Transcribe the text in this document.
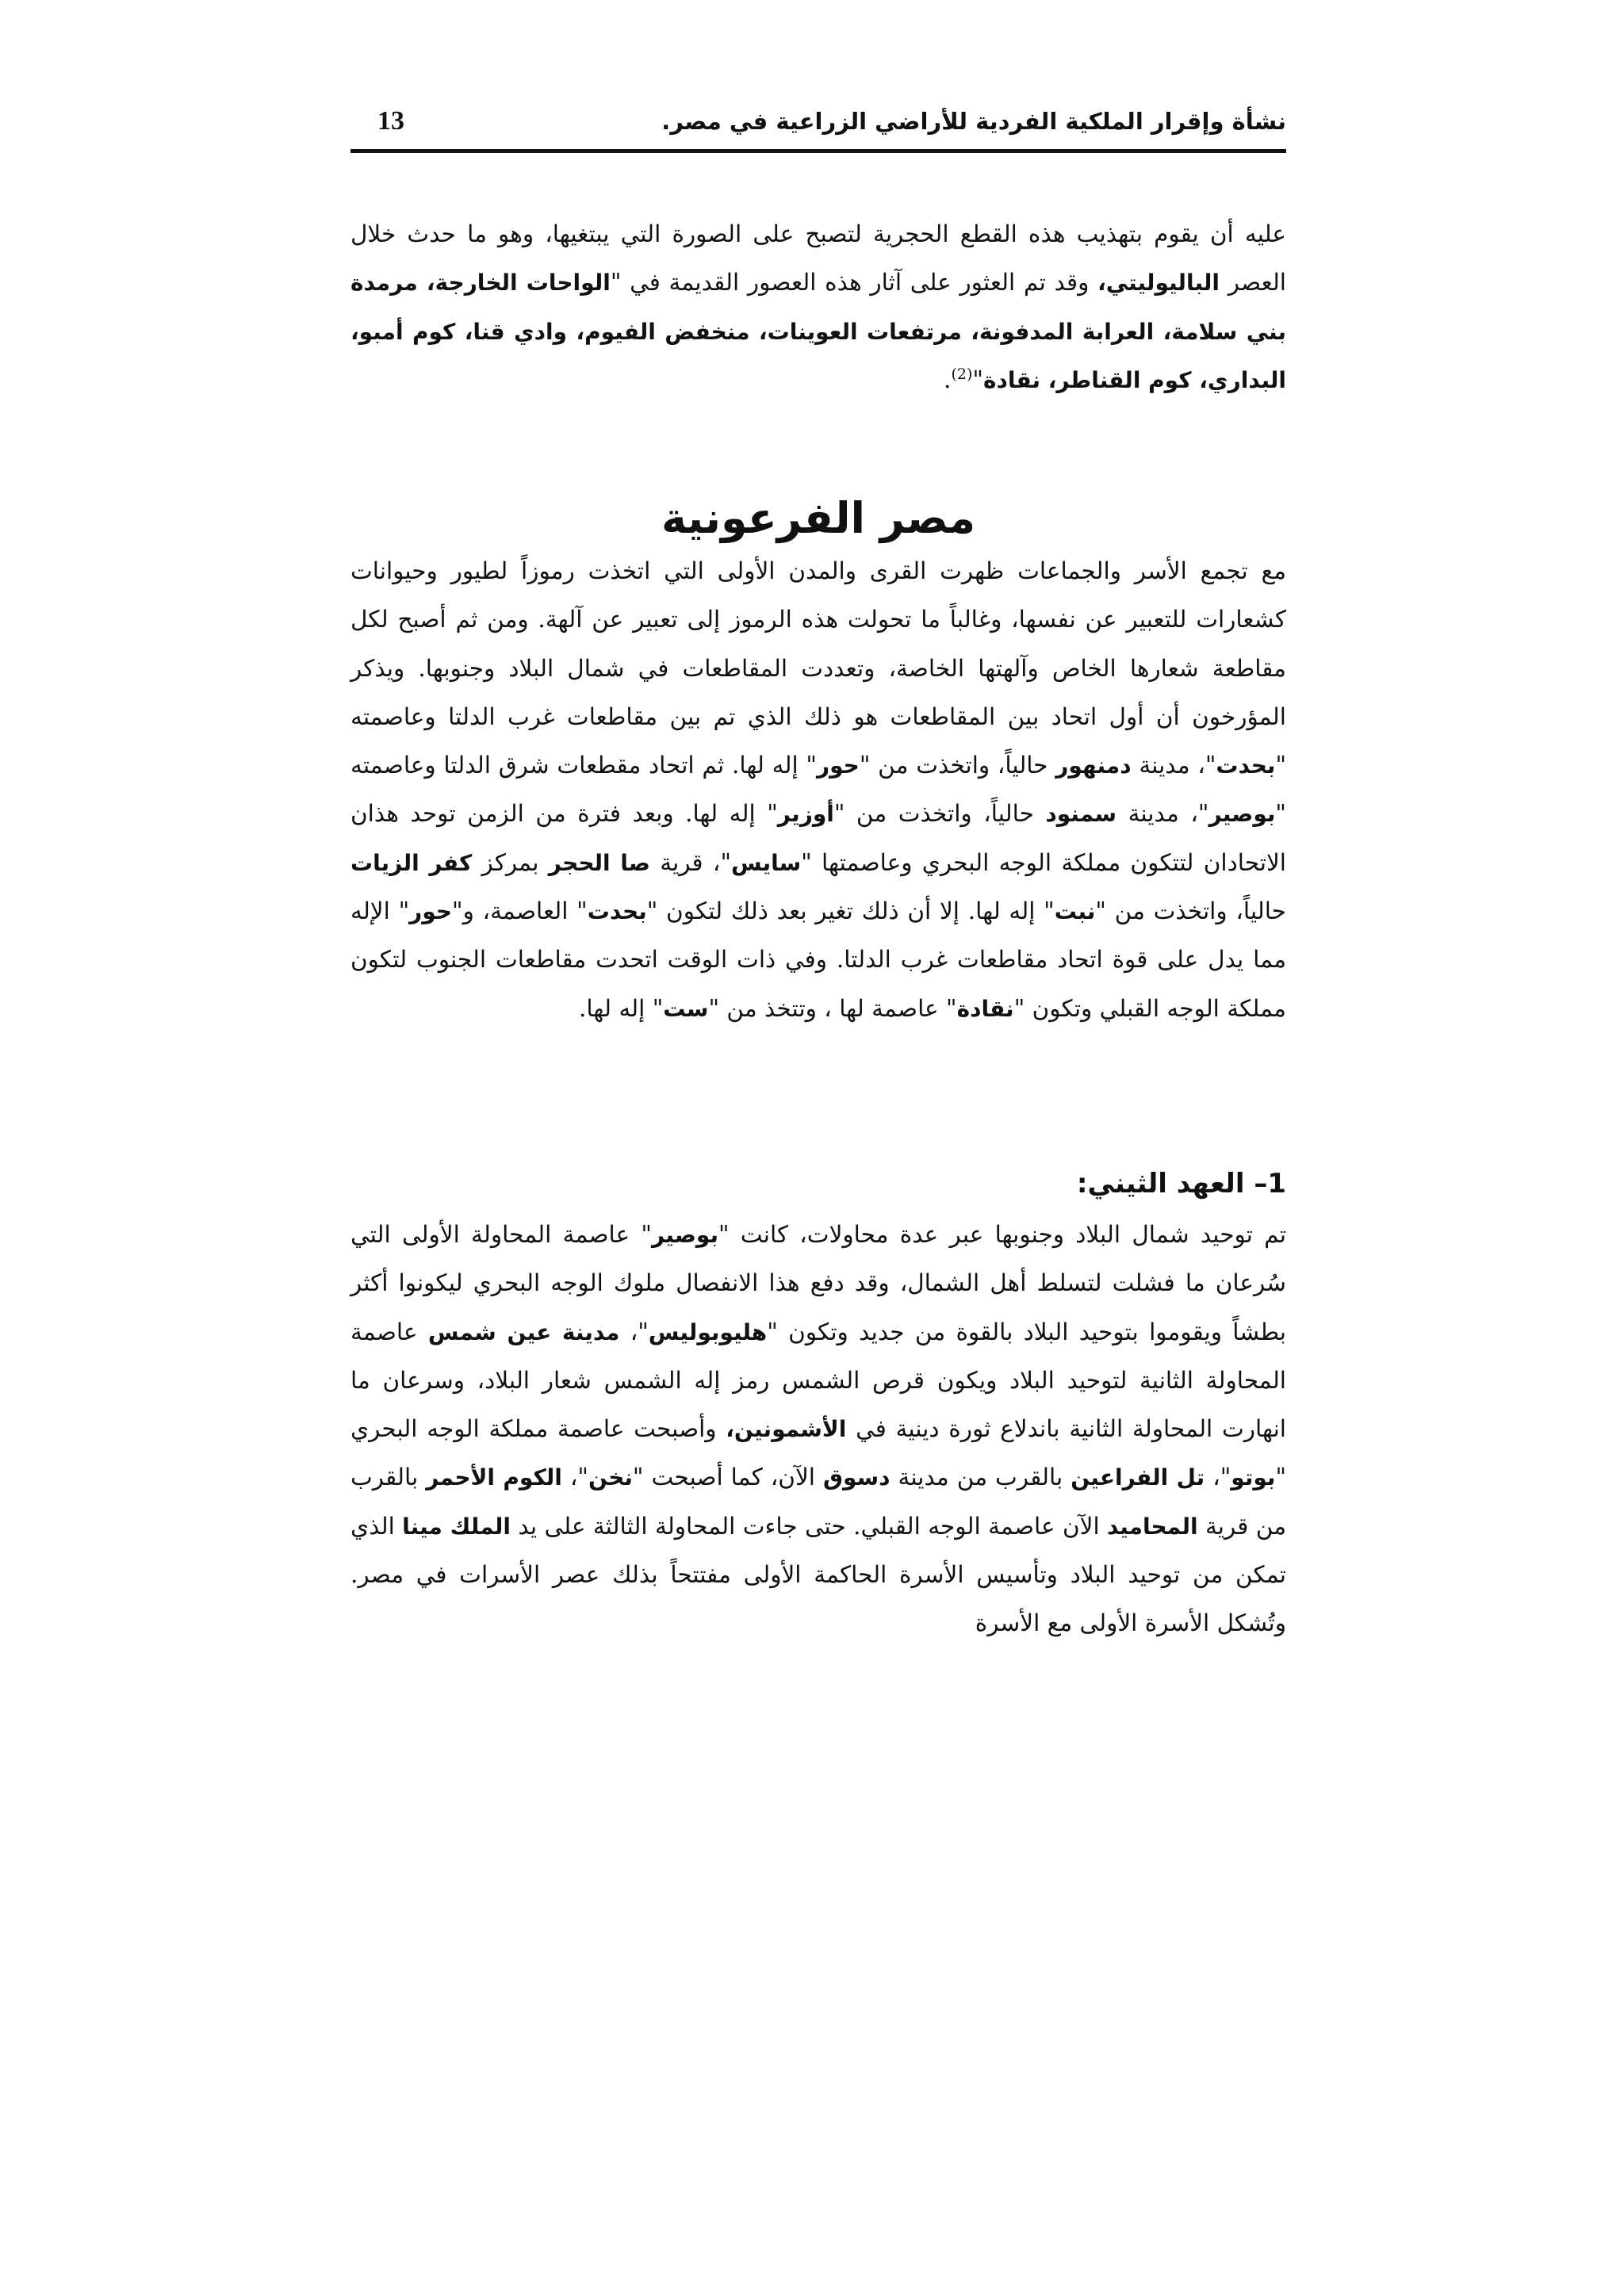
نشأة وإقرار الملكية الفردية للأراضي الزراعية في مصر.
13

عليه أن يقوم بتهذيب هذه القطع الحجرية لتصبح على الصورة التي يبتغيها، وهو ما حدث خلال العصر الباليوليتي، وقد تم العثور على آثار هذه العصور القديمة في "الواحات الخارجة، مرمدة بني سلامة، العرابة المدفونة، مرتفعات العوينات، منخفض الفيوم، وادي قنا، كوم أمبو، البداري، كوم القناطر، نقادة"$^{(2)}$.

مصر الفرعونية

مع تجمع الأسر والجماعات ظهرت القرى والمدن الأولى التي اتخذت رموزاً لطيور وحيوانات كشعارات للتعبير عن نفسها، وغالباً ما تحولت هذه الرموز إلى تعبير عن آلهة. ومن ثم أصبح لكل مقاطعة شعارها الخاص وآلهتها الخاصة، وتعددت المقاطعات في شمال البلاد وجنوبها. ويذكر المؤرخون أن أول اتحاد بين المقاطعات هو ذلك الذي تم بين مقاطعات غرب الدلتا وعاصمته "بحدت"، مدينة دمنهور حالياً، واتخذت من "حور" إله لها. ثم اتحاد مقطعات شرق الدلتا وعاصمته "بوصير"، مدينة سمنود حالياً، واتخذت من "أوزير" إله لها. وبعد فترة من الزمن توحد هذان الاتحادان لتتكون مملكة الوجه البحري وعاصمتها "سايس"، قرية صا الحجر بمركز كفر الزيات حالياً، واتخذت من "نبت" إله لها. إلا أن ذلك تغير بعد ذلك لتكون "بحدت" العاصمة، و"حور" الإله مما يدل على قوة اتحاد مقاطعات غرب الدلتا. وفي ذات الوقت اتحدت مقاطعات الجنوب لتكون مملكة الوجه القبلي وتكون "نقادة" عاصمة لها ، وتتخذ من "ست" إله لها.

1– العهد الثيني:

تم توحيد شمال البلاد وجنوبها عبر عدة محاولات، كانت "بوصير" عاصمة المحاولة الأولى التي سُرعان ما فشلت لتسلط أهل الشمال، وقد دفع هذا الانفصال ملوك الوجه البحري ليكونوا أكثر بطشاً ويقوموا بتوحيد البلاد بالقوة من جديد وتكون "هليوبوليس"، مدينة عين شمس عاصمة المحاولة الثانية لتوحيد البلاد ويكون قرص الشمس رمز إله الشمس شعار البلاد، وسرعان ما انهارت المحاولة الثانية باندلاع ثورة دينية في الأشمونين، وأصبحت عاصمة مملكة الوجه البحري "بوتو"، تل الفراعين بالقرب من مدينة دسوق الآن، كما أصبحت "نخن"، الكوم الأحمر بالقرب من قرية المحاميد الآن عاصمة الوجه القبلي. حتى جاءت المحاولة الثالثة على يد الملك مينا الذي تمكن من توحيد البلاد وتأسيس الأسرة الحاكمة الأولى مفتتحاً بذلك عصر الأسرات في مصر. وتُشكل الأسرة الأولى مع الأسرة
